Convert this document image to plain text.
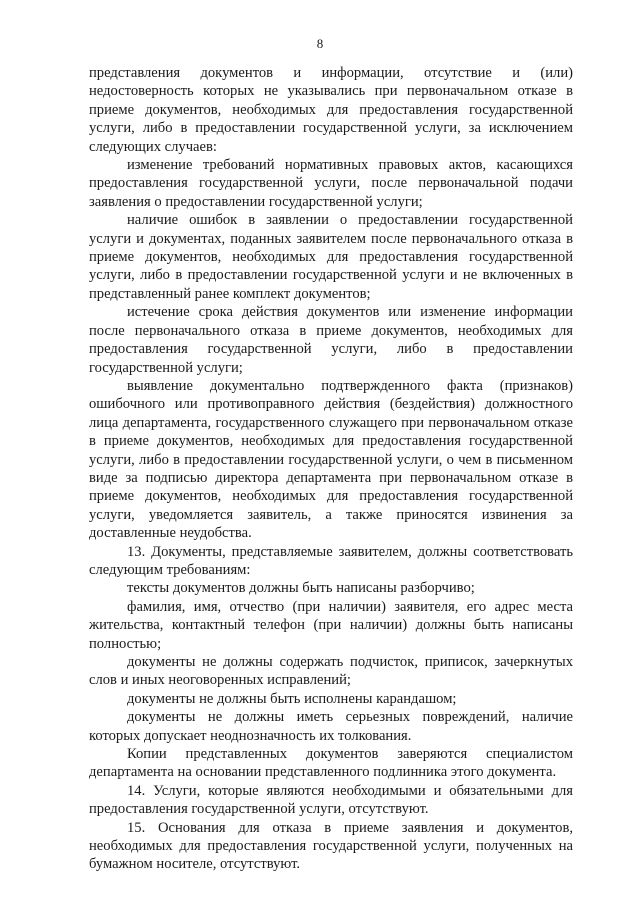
8

представления документов и информации, отсутствие и (или) недостоверность которых не указывались при первоначальном отказе в приеме документов, необходимых для предоставления государственной услуги, либо в предоставлении государственной услуги, за исключением следующих случаев:

изменение требований нормативных правовых актов, касающихся предоставления государственной услуги, после первоначальной подачи заявления о предоставлении государственной услуги;

наличие ошибок в заявлении о предоставлении государственной услуги и документах, поданных заявителем после первоначального отказа в приеме документов, необходимых для предоставления государственной услуги, либо в предоставлении государственной услуги и не включенных в представленный ранее комплект документов;

истечение срока действия документов или изменение информации после первоначального отказа в приеме документов, необходимых для предоставления государственной услуги, либо в предоставлении государственной услуги;

выявление документально подтвержденного факта (признаков) ошибочного или противоправного действия (бездействия) должностного лица департамента, государственного служащего при первоначальном отказе в приеме документов, необходимых для предоставления государственной услуги, либо в предоставлении государственной услуги, о чем в письменном виде за подписью директора департамента при первоначальном отказе в приеме документов, необходимых для предоставления государственной услуги, уведомляется заявитель, а также приносятся извинения за доставленные неудобства.

13. Документы, представляемые заявителем, должны соответствовать следующим требованиям:

тексты документов должны быть написаны разборчиво;

фамилия, имя, отчество (при наличии) заявителя, его адрес места жительства, контактный телефон (при наличии) должны быть написаны полностью;

документы не должны содержать подчисток, приписок, зачеркнутых слов и иных неоговоренных исправлений;

документы не должны быть исполнены карандашом;

документы не должны иметь серьезных повреждений, наличие которых допускает неоднозначность их толкования.

Копии представленных документов заверяются специалистом департамента на основании представленного подлинника этого документа.

14. Услуги, которые являются необходимыми и обязательными для предоставления государственной услуги, отсутствуют.

15. Основания для отказа в приеме заявления и документов, необходимых для предоставления государственной услуги, полученных на бумажном носителе, отсутствуют.
